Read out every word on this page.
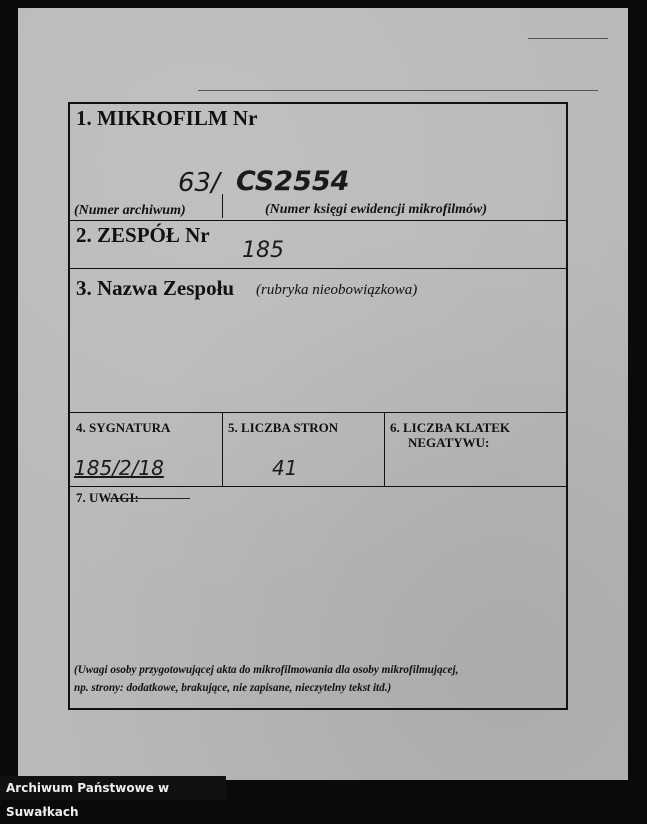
1. MIKROFILM Nr
63/ CS2554
(Numer archiwum)	(Numer księgi ewidencji mikrofilmów)
2. ZESPÓŁ Nr
185
3. Nazwa Zespołu (rubryka nieobowiązkowa)
4. SYGNATURA	5. LICZBA STRON	6. LICZBA KLATEK
NEGATYWU:
185/2/18	41
7. UWAGI:
(Uwagi osoby przygotowującej akta do mikrofilmowania dla osoby mikrofilmującej,
np. strony: dodatkowe, brakujące, nie zapisane, nieczytelny tekst itd.)
Archiwum Państwowe w Suwałkach
